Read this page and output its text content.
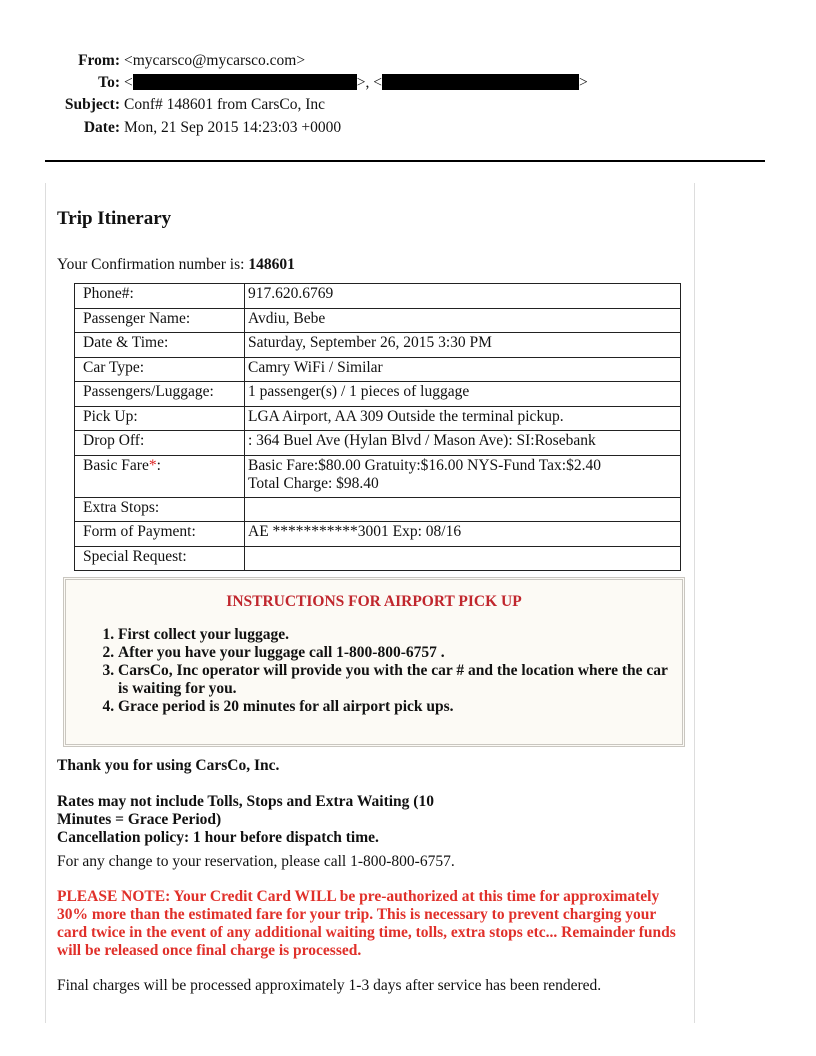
From: <mycarsco@mycarsco.com>
To: <	>, <	>
Subject: Conf# 148601 from CarsCo, Inc
Date: Mon, 21 Sep 2015 14:23:03 +0000
Trip Itinerary
Your Confirmation number is: 148601
Phone#:	917.620.6769
Passenger Name:	Avdiu, Bebe
Date & Time:	Saturday, September 26, 2015 3:30 PM
Car Type:	Camry WiFi / Similar
Passengers/Luggage:	1 passenger(s) / 1 pieces of luggage
Pick Up:	LGA Airport, AA 309 Outside the terminal pickup.
Drop Off:	: 364 Buel Ave (Hylan Blvd / Mason Ave): SI:Rosebank
Basic Fare*:	Basic Fare:$80.00 Gratuity:$16.00 NYS-Fund Tax:$2.40
Total Charge: $98.40

Extra Stops:	
Form of Payment:	AE ***********3001 Exp: 08/16
Special Request:	
INSTRUCTIONS FOR AIRPORT PICK UP
1. First collect your luggage.
2. After you have your luggage call 1-800-800-6757 .
3. CarsCo, Inc operator will provide you with the car # and the location where the car is waiting for you.
4. Grace period is 20 minutes for all airport pick ups.
Thank you for using CarsCo, Inc.
Rates may not include Tolls, Stops and Extra Waiting (10 Minutes = Grace Period)
Cancellation policy: 1 hour before dispatch time.
For any change to your reservation, please call 1-800-800-6757.
PLEASE NOTE: Your Credit Card WILL be pre-authorized at this time for approximately 30% more than the estimated fare for your trip. This is necessary to prevent charging your card twice in the event of any additional waiting time, tolls, extra stops etc... Remainder funds will be released once final charge is processed.
Final charges will be processed approximately 1-3 days after service has been rendered.
